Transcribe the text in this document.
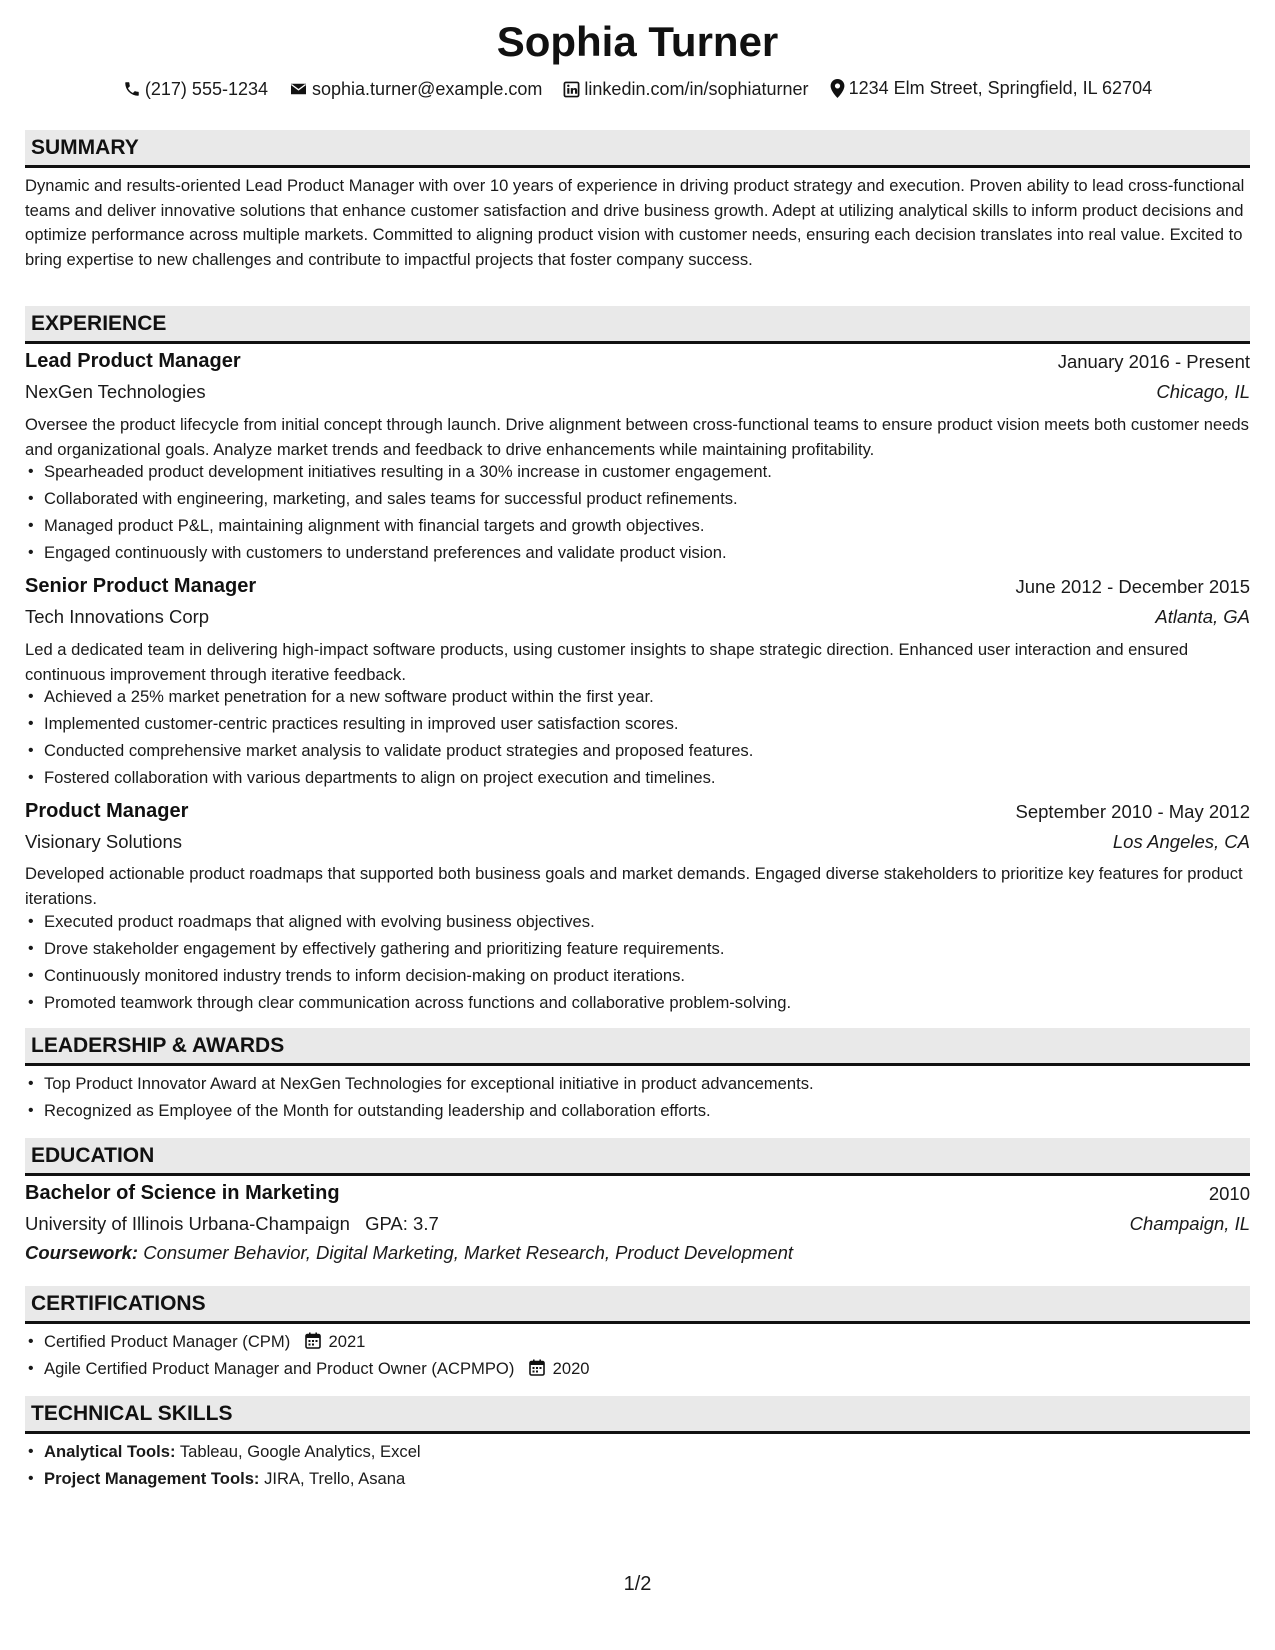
Sophia Turner
(217) 555-1234
sophia.turner@example.com
linkedin.com/in/sophiaturner
1234 Elm Street, Springfield, IL 62704
SUMMARY
Dynamic and results-oriented Lead Product Manager with over 10 years of experience in driving product strategy and execution. Proven ability to lead cross-functional teams and deliver innovative solutions that enhance customer satisfaction and drive business growth. Adept at utilizing analytical skills to inform product decisions and optimize performance across multiple markets. Committed to aligning product vision with customer needs, ensuring each decision translates into real value. Excited to bring expertise to new challenges and contribute to impactful projects that foster company success.
EXPERIENCE
Lead Product Manager	January 2016 - Present
NexGen Technologies	Chicago, IL
Oversee the product lifecycle from initial concept through launch. Drive alignment between cross-functional teams to ensure product vision meets both customer needs and organizational goals. Analyze market trends and feedback to drive enhancements while maintaining profitability.
• Spearheaded product development initiatives resulting in a 30% increase in customer engagement.
• Collaborated with engineering, marketing, and sales teams for successful product refinements.
• Managed product P&L, maintaining alignment with financial targets and growth objectives.
• Engaged continuously with customers to understand preferences and validate product vision.
Senior Product Manager	June 2012 - December 2015
Tech Innovations Corp	Atlanta, GA
Led a dedicated team in delivering high-impact software products, using customer insights to shape strategic direction. Enhanced user interaction and ensured continuous improvement through iterative feedback.
• Achieved a 25% market penetration for a new software product within the first year.
• Implemented customer-centric practices resulting in improved user satisfaction scores.
• Conducted comprehensive market analysis to validate product strategies and proposed features.
• Fostered collaboration with various departments to align on project execution and timelines.
Product Manager	September 2010 - May 2012
Visionary Solutions	Los Angeles, CA
Developed actionable product roadmaps that supported both business goals and market demands. Engaged diverse stakeholders to prioritize key features for product iterations.
• Executed product roadmaps that aligned with evolving business objectives.
• Drove stakeholder engagement by effectively gathering and prioritizing feature requirements.
• Continuously monitored industry trends to inform decision-making on product iterations.
• Promoted teamwork through clear communication across functions and collaborative problem-solving.
LEADERSHIP & AWARDS
• Top Product Innovator Award at NexGen Technologies for exceptional initiative in product advancements.
• Recognized as Employee of the Month for outstanding leadership and collaboration efforts.
EDUCATION
Bachelor of Science in Marketing	2010
University of Illinois Urbana-Champaign GPA: 3.7	Champaign, IL
Coursework: Consumer Behavior, Digital Marketing, Market Research, Product Development
CERTIFICATIONS
• Certified Product Manager (CPM) 2021
• Agile Certified Product Manager and Product Owner (ACPMPO) 2020
TECHNICAL SKILLS
• Analytical Tools: Tableau, Google Analytics, Excel
• Project Management Tools: JIRA, Trello, Asana
1/2
